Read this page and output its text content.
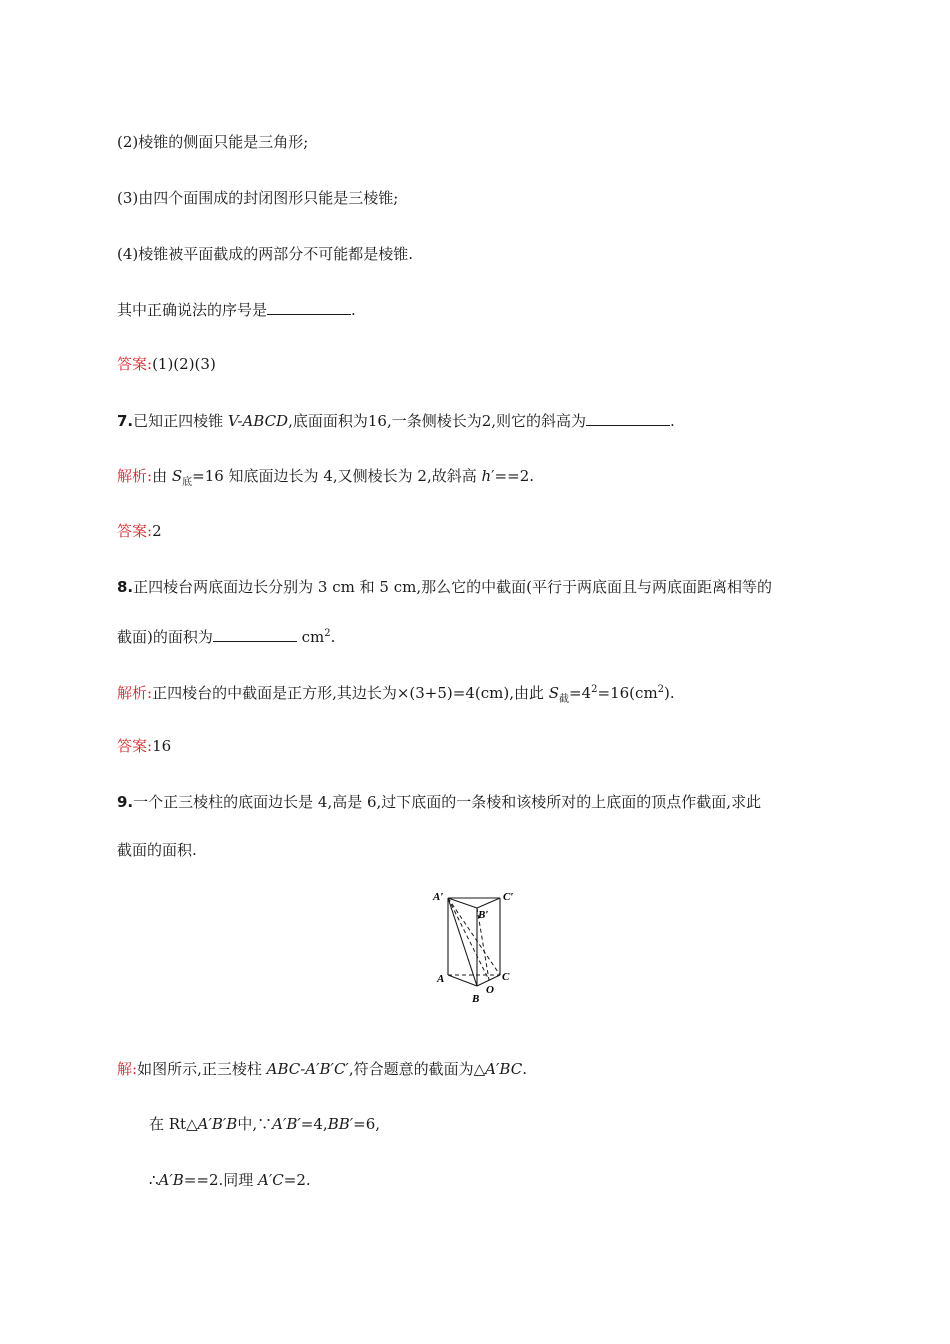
(2)棱锥的侧面只能是三角形;
(3)由四个面围成的封闭图形只能是三棱锥;
(4)棱锥被平面截成的两部分不可能都是棱锥.
其中正确说法的序号是	.
答案:(1)(2)(3)
7.已知正四棱锥 V-ABCD,底面面积为16,一条侧棱长为2,则它的斜高为	.
解析:由 $S_底=16$ 知底面边长为 4,又侧棱长为 2,故斜高 h′==2.
答案:2
8.正四棱台两底面边长分别为 3 cm 和 5 cm,那么它的中截面(平行于两底面且与两底面距离相等的
截面)的面积为	$cm^2$.
解析:正四棱台的中截面是正方形,其边长为×(3+5)=4(cm),由此 $S_截=4^2=16(cm^2)$.
答案:16
9.一个正三棱柱的底面边长是 4,高是 6,过下底面的一条棱和该棱所对的上底面的顶点作截面,求此
截面的面积.
A′
B′
C′
A	C
O
B
解:如图所示,正三棱柱 ABC-A′B′C′,符合题意的截面为△A′BC.
在 Rt△A′B′B中,∵A′B′=4,BB′=6,
∴A′B==2.同理 A′C=2.
